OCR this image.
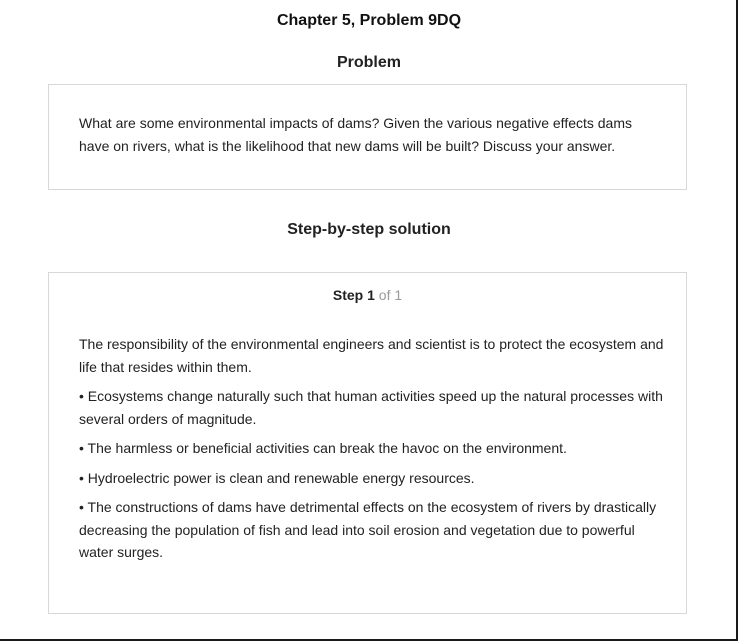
Chapter 5, Problem 9DQ
Problem

What are some environmental impacts of dams? Given the various negative effects dams have on rivers, what is the likelihood that new dams will be built? Discuss your answer.

Step-by-step solution
Step 1 of 1

The responsibility of the environmental engineers and scientist is to protect the ecosystem and life that resides within them.

• Ecosystems change naturally such that human activities speed up the natural processes with several orders of magnitude.

• The harmless or beneficial activities can break the havoc on the environment.

• Hydroelectric power is clean and renewable energy resources.

• The constructions of dams have detrimental effects on the ecosystem of rivers by drastically decreasing the population of fish and lead into soil erosion and vegetation due to powerful water surges.
